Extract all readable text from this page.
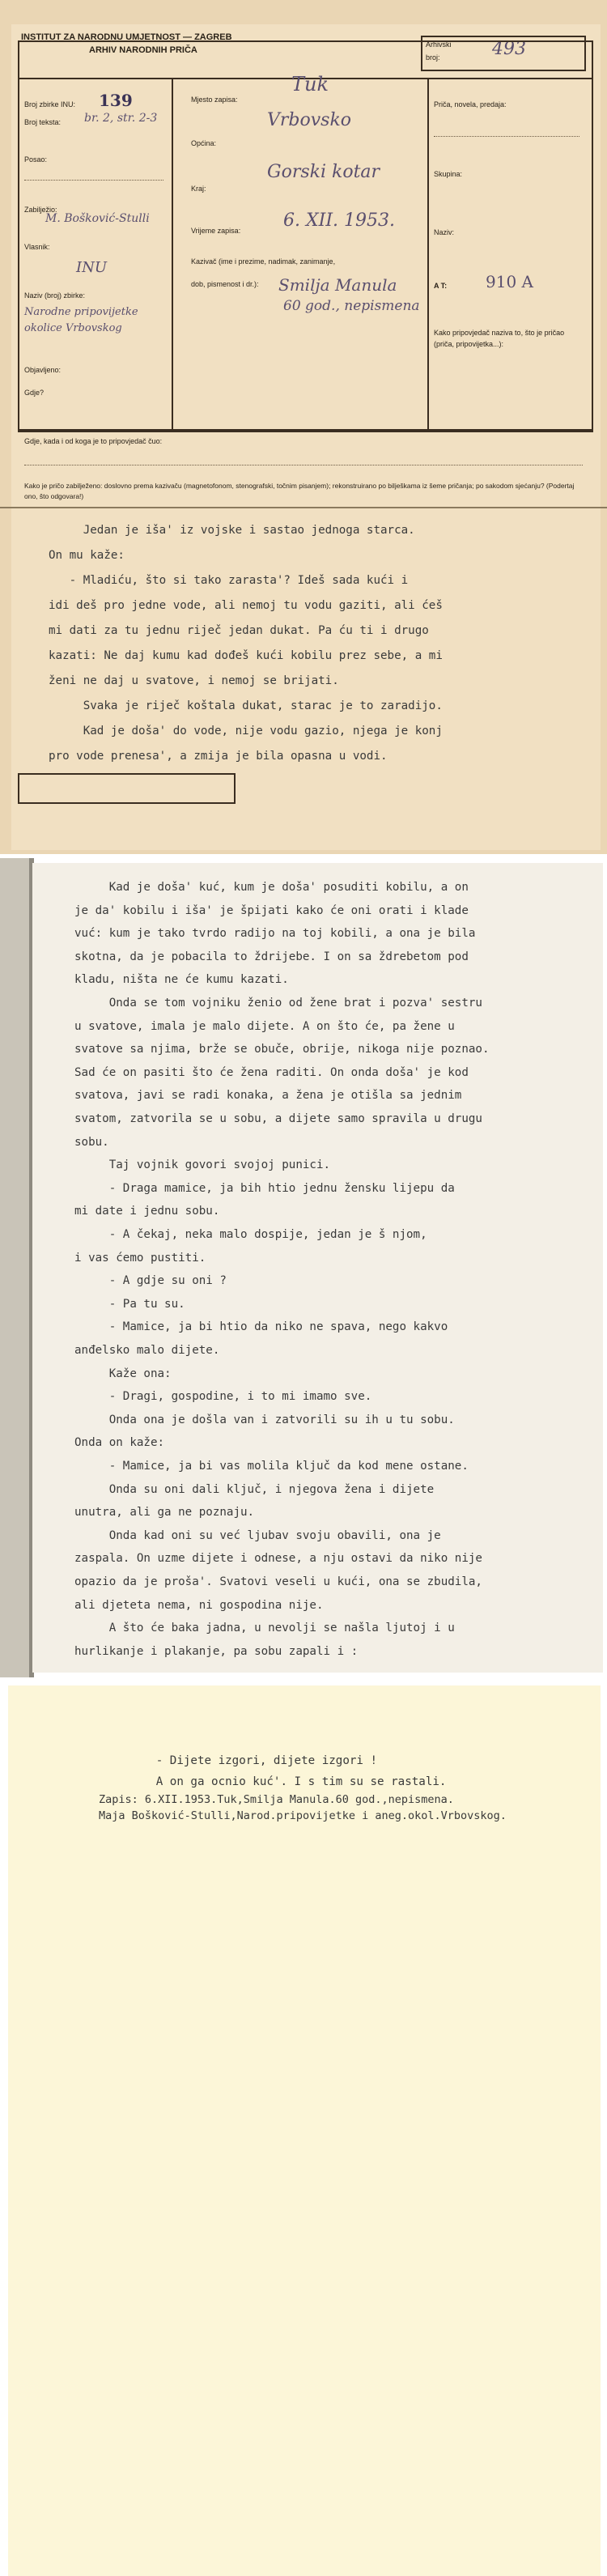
INSTITUT ZA NARODNU UMJETNOST — ZAGREB
ARHIV NARODNIH PRIČA
Arhivski
broj:	493
Broj zbirke INU: 139
Broj teksta: br. 2, str. 2-3
Posao:
Zabilježio:
M. Bošković-Stulli
Vlasnik:
INU
Naziv (broj) zbirke:
Narodne pripovijetke okolice Vrbovskog
Objavljeno:
Gdje?
Mjesto zapisa:
Tuk
Općina:
Vrbovsko
Kraj:
Gorski kotar
Vrijeme zapisa: 6. XII. 1953.
Kazivač (ime i prezime, nadimak, zanimanje,
dob, pismenost i dr.): Smilja Manula
60 god., nepismena
Priča, novela, predaja:
Skupina:
Naziv:
A T: 910 A
Kako pripovjedač naziva to, što je pričao (priča, pripovijetka...):
Gdje, kada i od koga je to pripovjedač čuo:
Kako je pričo zabilježeno: doslovno prema kazivaču (magnetofonom, stenografski, točnim pisanjem); rekonstruirano po bilješkama iz šeme pričanja; po sakodom sjećanju? (Podertaj ono, što odgovara!)
Jedan je išа' iz vojske i sastao jednoga starca.
On mu kaže:
- Mladiću, što si tako zarasta'? Ideš sada kući i
idi dеš pro jedne vode, ali nemoj tu vodu gaziti, ali ćeš
mi dati za tu jednu riječ jedan dukat. Pa ću ti i drugo
kazati: Ne daj kumu kad dođeš kući kobilu prez sebe, a mi
ženi ne daj u svatove, i nemoj se brijati.
Svaka je riječ koštala dukat, starac je to zaradijo.
Kad je doša' do vode, nije vodu gazio, njega je konj
pro vode prenesa', a zmija je bila opasna u vodi.
Kad je doša' kuć, kum je doša' posuditi kobilu, a on
je da' kobilu i išа' je špijati kako će oni orati i klade
vuć: kum je tako tvrdo radijo na toj kobili, a ona je bila
skotna, da je pobacila to ždrijebe. I on sa ždrebetom pod
kladu, ništa ne će kumu kazati.
Onda se tom vojniku ženio od žene brat i pozva' sestru
u svatove, imala je malo dijete. A on što će, pa žene u
svatove sa njima, brže se obuče, obrije, nikoga nije poznao.
Sad će on pasiti što će žena raditi. On onda doša' je kod
svatova, javi se radi konaka, a žena je otišla sa jednim
svatom, zatvorila se u sobu, a dijete samo spravila u drugu
sobu.
Taj vojnik govori svojoj punici.
- Draga mamice, ja bih htio jednu žensku lijepu da
mi date i jednu sobu.
- A čekaj, neka malo dospije, jedan je š njom,
i vas ćemo pustiti.
- A gdje su oni ?
- Pa tu su.
- Mamice, ja bi htio da niko ne spava, nego kakvo
anđelsko malo dijete.
Kaže ona:
- Dragi, gospodine, i to mi imamo sve.
Onda ona je došla van i zatvorili su ih u tu sobu.
Onda on kaže:
- Mamice, ja bi vas molila ključ da kod mene ostane.
Onda su oni dali ključ, i njegova žena i dijete
unutra, ali ga ne poznaju.
Onda kad oni su već ljubav svoju obavili, ona je
zaspala. On uzme dijete i odnese, a nju ostavi da niko nije
opazio da je proša'. Svatovi veseli u kući, ona se zbudila,
ali djeteta nema, ni gospodina nije.
A što će baka jadna, u nevolji se našla ljutoj i u
hurlikanje i plakanje, pa sobu zapali i :
- Dijete izgori, dijete izgori !
A on ga ocnio kuć'. I s tim su se rastali.
Zapis: 6.XII.1953.Tuk,Smilja Manula.60 god.,nepismena.
Maja Bošković-Stulli,Narod.pripovijetke i aneg.okol.Vrbovskog.
